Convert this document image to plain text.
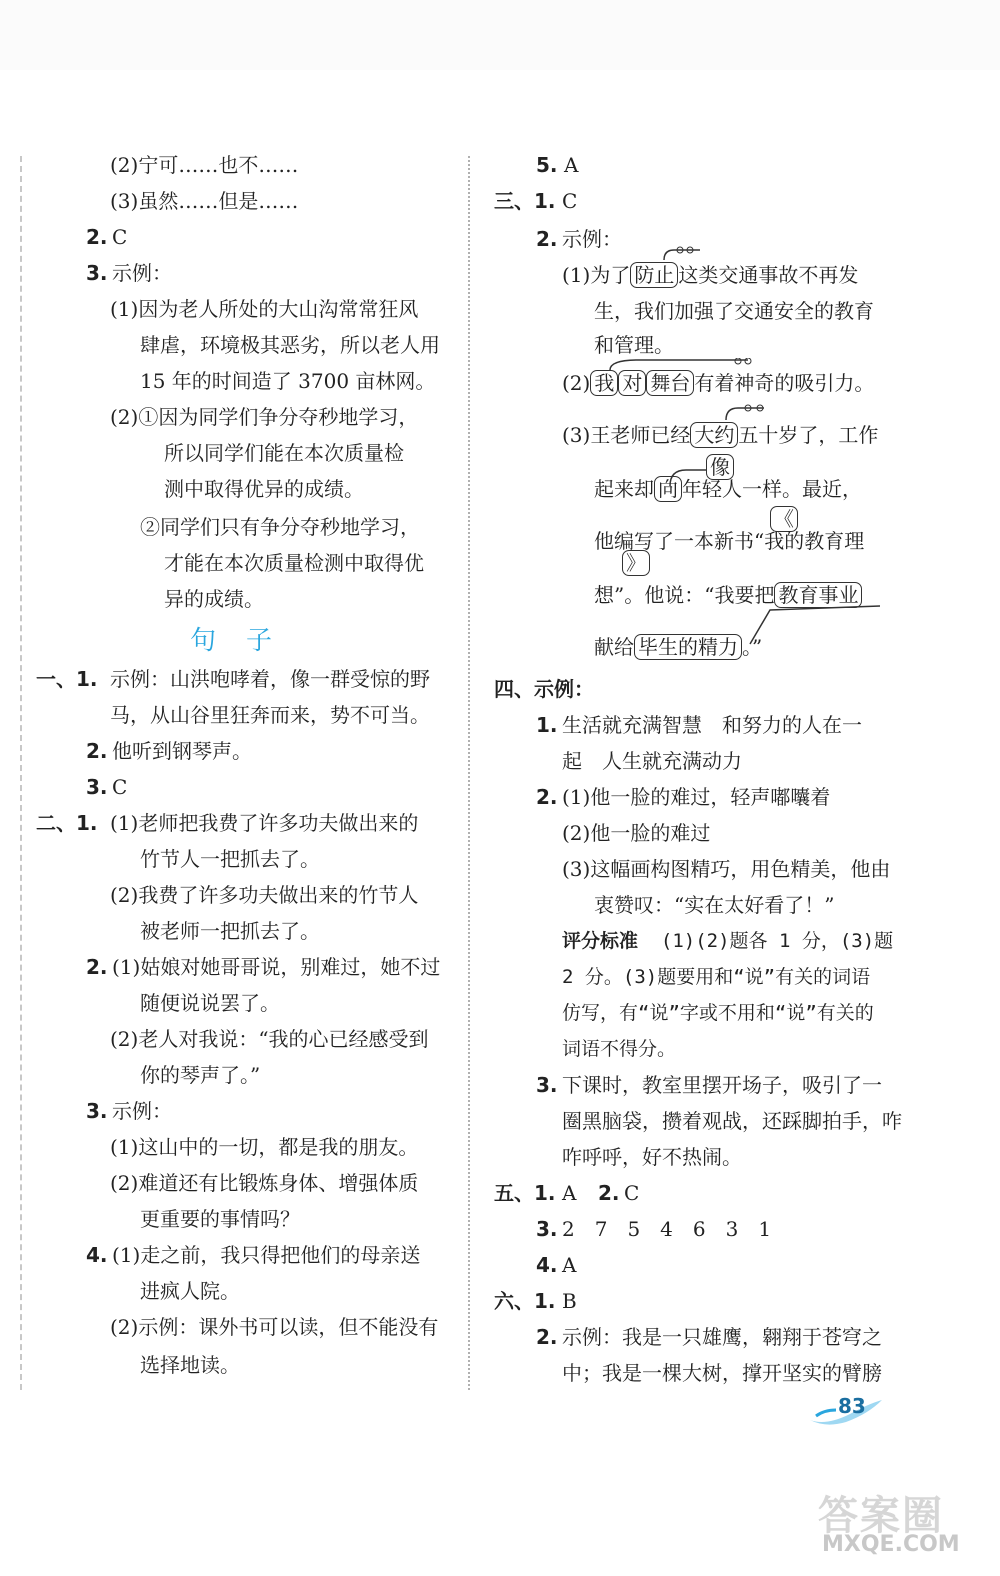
(2)宁可……也不……
(3)虽然……但是……
2. C
3. 示例：
(1)因为老人所处的大山沟常常狂风
肆虐，环境极其恶劣，所以老人用
15 年的时间造了 3700 亩林网。
(2)①因为同学们争分夺秒地学习，
所以同学们能在本次质量检
测中取得优异的成绩。
②同学们只有争分夺秒地学习，
才能在本次质量检测中取得优
异的成绩。
句子
一、1. 示例：山洪咆哮着，像一群受惊的野
马，从山谷里狂奔而来，势不可当。
2. 他听到钢琴声。
3. C
二、1. (1)老师把我费了许多功夫做出来的
竹节人一把抓去了。
(2)我费了许多功夫做出来的竹节人
被老师一把抓去了。
2. (1)姑娘对她哥哥说，别难过，她不过
随便说说罢了。
(2)老人对我说：“我的心已经感受到
你的琴声了。”
3. 示例：
(1)这山中的一切，都是我的朋友。
(2)难道还有比锻炼身体、增强体质
更重要的事情吗？
4. (1)走之前，我只得把他们的母亲送
进疯人院。
(2)示例：课外书可以读，但不能没有
选择地读。
5. A
三、1. C
2. 示例：
(1)为了 防止 这类交通事故不再发
生，我们加强了交通安全的教育
和管理。
(2) 我 对 舞台 有着神奇的吸引力。
(3)王老师已经 大约 五十岁了，工作
像
起来却 向 年轻人一样。最近，
《
他编写了一本新书“我的教育理
》
想”。他说：“我要把 教育事业
献给 毕生的精力 。”
四、示例：
1. 生活就充满智慧　和努力的人在一
起　人生就充满动力
2. (1)他一脸的难过，轻声嘟囔着
(2)他一脸的难过
(3)这幅画构图精巧，用色精美，他由
衷赞叹：“实在太好看了！”
评分标准 (1)(2)题各 1 分，(3)题
2 分。(3)题要用和“说”有关的词语
仿写，有“说”字或不用和“说”有关的
词语不得分。
3. 下课时，教室里摆开场子，吸引了一
圈黑脑袋，攒着观战，还踩脚拍手，咋
咋呼呼，好不热闹。
五、1. A 2. C
3. 2　7　5　4　6　3　1
4. A
六、1. B
2. 示例：我是一只雄鹰，翱翔于苍穹之
中；我是一棵大树，撑开坚实的臂膀
83
答案圈
MXQE.COM
